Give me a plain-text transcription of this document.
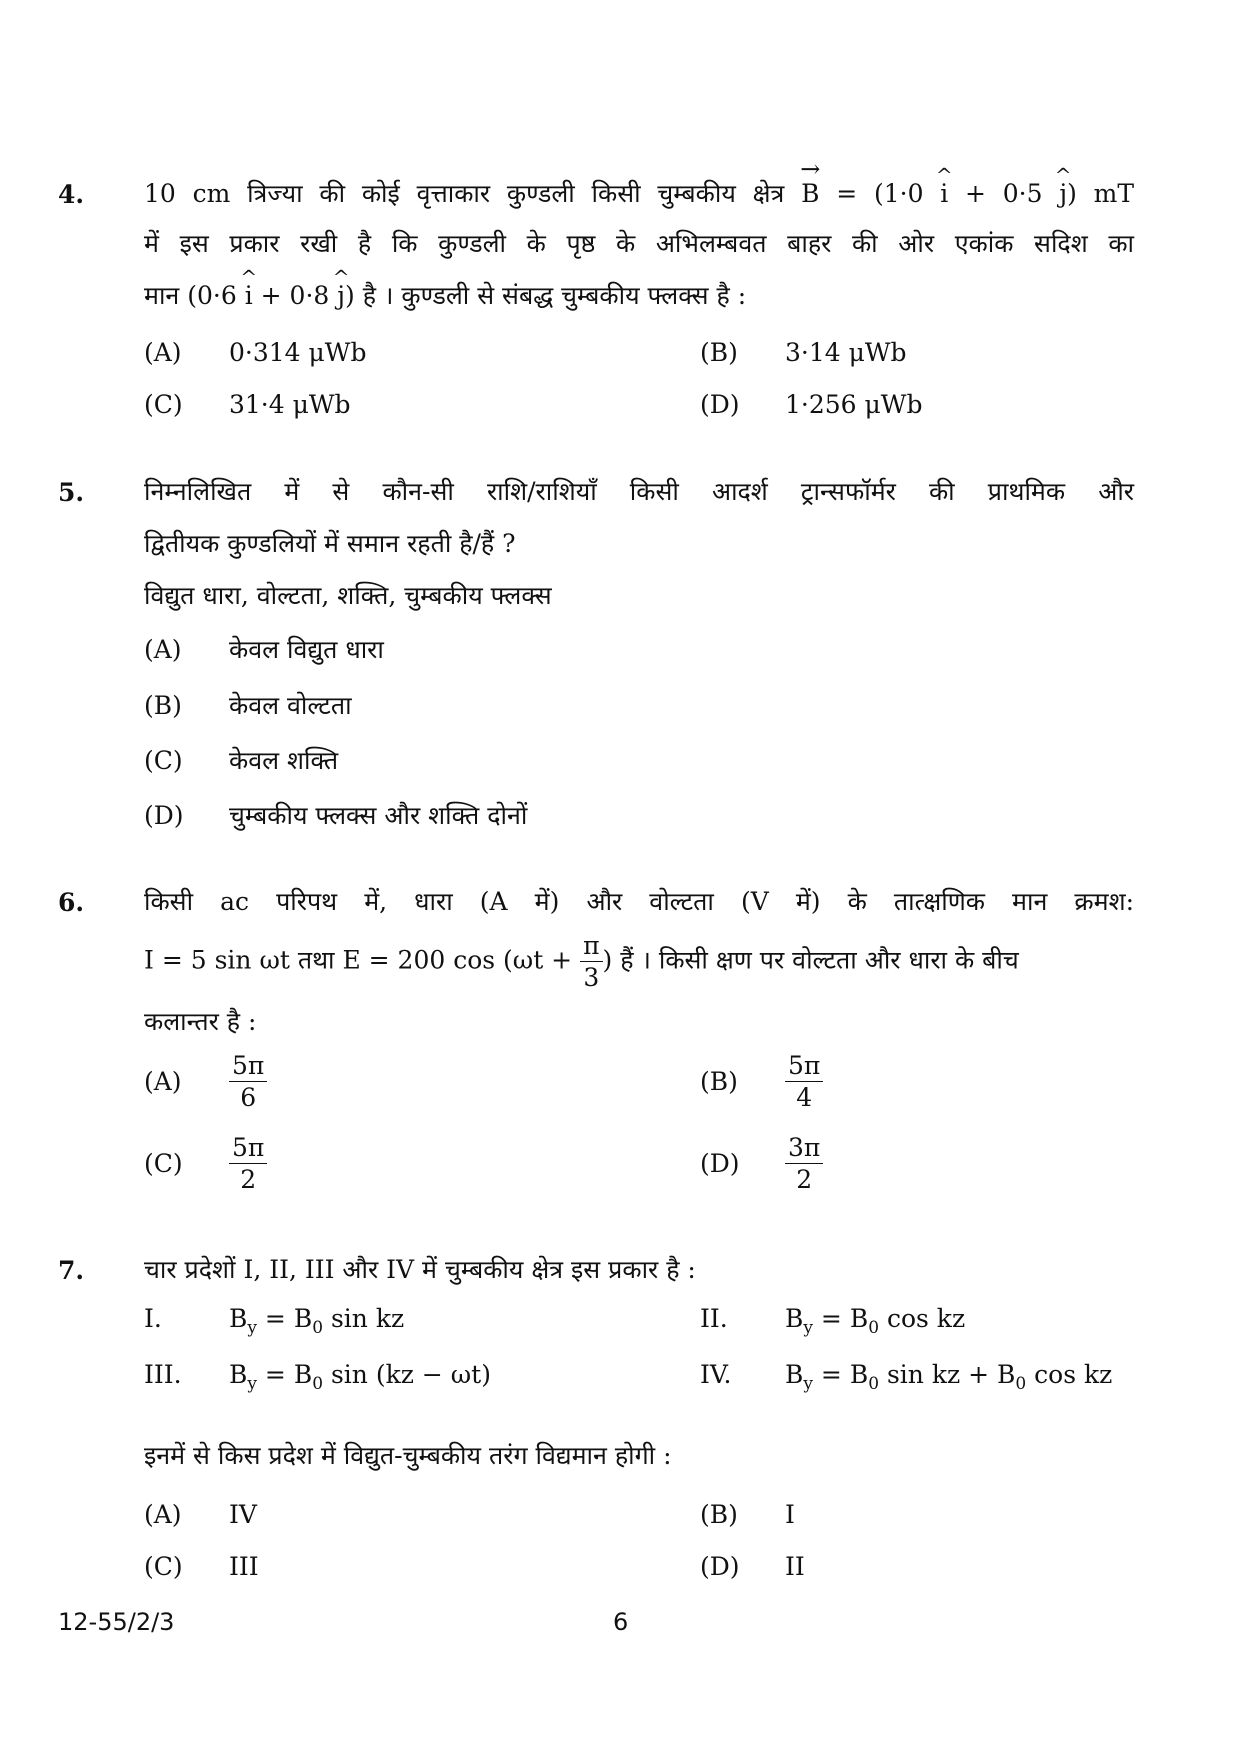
4. 10 cm त्रिज्या की कोई वृत्ताकार कुण्डली किसी चुम्बकीय क्षेत्र → B = (1·0 ^ i + 0·5 ^ j) mT
में इस प्रकार रखी है कि कुण्डली के पृष्ठ के अभिलम्बवत बाहर की ओर एकांक सदिश का
मान (0·6 ^ i + 0·8 ^ j) है । कुण्डली से संबद्ध चुम्बकीय फ्लक्स है :
(A) 0·314 μWb	(B) 3·14 μWb
(C) 31·4 μWb	(D) 1·256 μWb
5. निम्नलिखित में से कौन-सी राशि/राशियाँ किसी आदर्श ट्रान्सफॉर्मर की प्राथमिक और
द्वितीयक कुण्डलियों में समान रहती है/हैं ?
विद्युत धारा, वोल्टता, शक्ति, चुम्बकीय फ्लक्स
(A) केवल विद्युत धारा
(B) केवल वोल्टता
(C) केवल शक्ति
(D) चुम्बकीय फ्लक्स और शक्ति दोनों
6. किसी ac परिपथ में, धारा (A में) और वोल्टता (V में) के तात्क्षणिक मान क्रमश:
I = 5 sin ωt तथा E = 200 $\cos (\omega t + \frac{\pi}{3}$ ) हैं । किसी क्षण पर वोल्टता और धारा के बीच
कलान्तर है :
$(A) \frac{5\pi}{6}$	$(B) \frac{5\pi}{4}$
$(C) \frac{5\pi}{2}$	$(D) \frac{3\pi}{2}$
7. चार प्रदेशों I, II, III और IV में चुम्बकीय क्षेत्र इस प्रकार है :
I.	$B_y = B_0$ sin kz	II. $B_y = B_0$ cos kz
III. $B_y = B_0$ sin (kz − ωt)	IV. $B_y = B_0$ sin kz + $B_0$ cos kz
इनमें से किस प्रदेश में विद्युत-चुम्बकीय तरंग विद्यमान होगी :
(A) IV	(B) I
(C) III	(D) II
12-55/2/3	6
